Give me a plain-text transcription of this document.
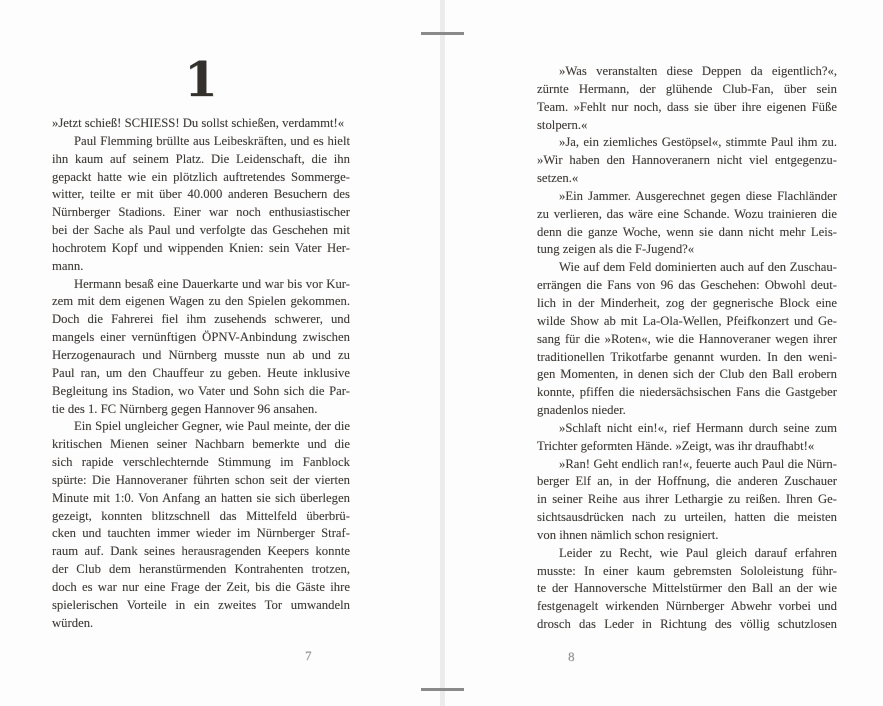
1
»Jetzt schieß! SCHIESS! Du sollst schießen, verdammt!«
Paul Flemming brüllte aus Leibeskräften, und es hielt
ihn kaum auf seinem Platz. Die Leidenschaft, die ihn
gepackt hatte wie ein plötzlich auftretendes Sommerge-
witter, teilte er mit über 40.000 anderen Besuchern des
Nürnberger Stadions. Einer war noch enthusiastischer
bei der Sache als Paul und verfolgte das Geschehen mit
hochrotem Kopf und wippenden Knien: sein Vater Her-
mann.
Hermann besaß eine Dauerkarte und war bis vor Kur-
zem mit dem eigenen Wagen zu den Spielen gekommen.
Doch die Fahrerei fiel ihm zusehends schwerer, und
mangels einer vernünftigen ÖPNV-Anbindung zwischen
Herzogenaurach und Nürnberg musste nun ab und zu
Paul ran, um den Chauffeur zu geben. Heute inklusive
Begleitung ins Stadion, wo Vater und Sohn sich die Par-
tie des 1. FC Nürnberg gegen Hannover 96 ansahen.
Ein Spiel ungleicher Gegner, wie Paul meinte, der die
kritischen Mienen seiner Nachbarn bemerkte und die
sich rapide verschlechternde Stimmung im Fanblock
spürte: Die Hannoveraner führten schon seit der vierten
Minute mit 1:0. Von Anfang an hatten sie sich überlegen
gezeigt, konnten blitzschnell das Mittelfeld überbrü-
cken und tauchten immer wieder im Nürnberger Straf-
raum auf. Dank seines herausragenden Keepers konnte
der Club dem heranstürmenden Kontrahenten trotzen,
doch es war nur eine Frage der Zeit, bis die Gäste ihre
spielerischen Vorteile in ein zweites Tor umwandeln
würden.
7
»Was veranstalten diese Deppen da eigentlich?«,
zürnte Hermann, der glühende Club-Fan, über sein
Team. »Fehlt nur noch, dass sie über ihre eigenen Füße
stolpern.«
»Ja, ein ziemliches Gestöpsel«, stimmte Paul ihm zu.
»Wir haben den Hannoveranern nicht viel entgegenzu-
setzen.«
»Ein Jammer. Ausgerechnet gegen diese Flachländer
zu verlieren, das wäre eine Schande. Wozu trainieren die
denn die ganze Woche, wenn sie dann nicht mehr Leis-
tung zeigen als die F-Jugend?«
Wie auf dem Feld dominierten auch auf den Zuschau-
errängen die Fans von 96 das Geschehen: Obwohl deut-
lich in der Minderheit, zog der gegnerische Block eine
wilde Show ab mit La-Ola-Wellen, Pfeifkonzert und Ge-
sang für die »Roten«, wie die Hannoveraner wegen ihrer
traditionellen Trikotfarbe genannt wurden. In den weni-
gen Momenten, in denen sich der Club den Ball erobern
konnte, pfiffen die niedersächsischen Fans die Gastgeber
gnadenlos nieder.
»Schlaft nicht ein!«, rief Hermann durch seine zum
Trichter geformten Hände. »Zeigt, was ihr draufhabt!«
»Ran! Geht endlich ran!«, feuerte auch Paul die Nürn-
berger Elf an, in der Hoffnung, die anderen Zuschauer
in seiner Reihe aus ihrer Lethargie zu reißen. Ihren Ge-
sichtsausdrücken nach zu urteilen, hatten die meisten
von ihnen nämlich schon resigniert.
Leider zu Recht, wie Paul gleich darauf erfahren
musste: In einer kaum gebremsten Sololeistung führ-
te der Hannoversche Mittelstürmer den Ball an der wie
festgenagelt wirkenden Nürnberger Abwehr vorbei und
drosch das Leder in Richtung des völlig schutzlosen
8
